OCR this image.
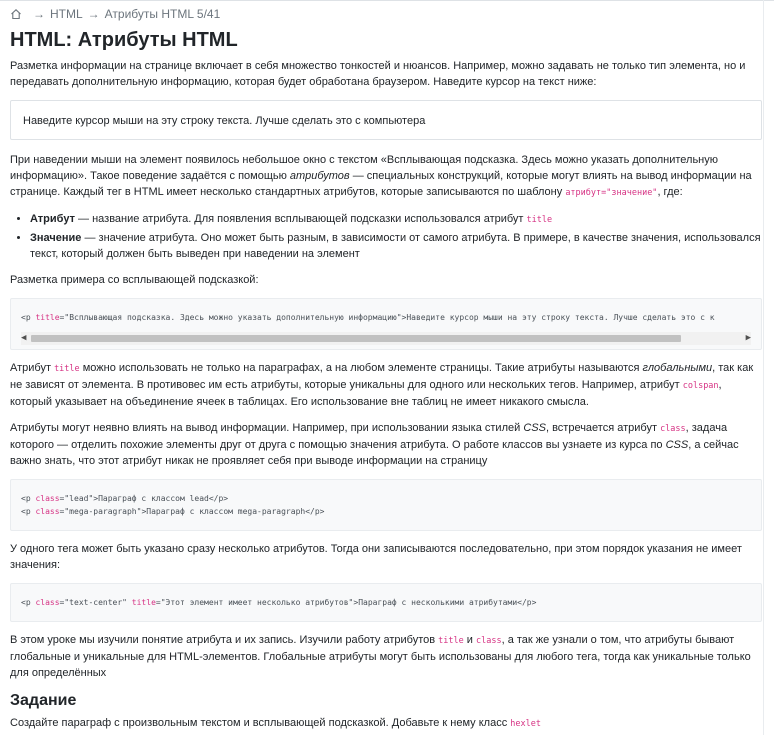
→ HTML → Атрибуты HTML 5/41
HTML: Атрибуты HTML

Разметка информации на странице включает в себя множество тонкостей и нюансов. Например, можно задавать не только тип элемента, но и передавать дополнительную информацию, которая будет обработана браузером. Наведите курсор на текст ниже:

Наведите курсор мыши на эту строку текста. Лучше сделать это с компьютера

При наведении мыши на элемент появилось небольшое окно с текстом «Всплывающая подсказка. Здесь можно указать дополнительную информацию». Такое поведение задаётся с помощью атрибутов — специальных конструкций, которые могут влиять на вывод информации на странице. Каждый тег в HTML имеет несколько стандартных атрибутов, которые записываются по шаблону атрибут="значение", где:

• Атрибут — название атрибута. Для появления всплывающей подсказки использовался атрибут title
• Значение — значение атрибута. Оно может быть разным, в зависимости от самого атрибута. В примере, в качестве значения, использовался текст, который должен быть выведен при наведении на элемент

Разметка примера со всплывающей подсказкой:

<p title="Всплывающая подсказка. Здесь можно указать дополнительную информацию">Наведите курсор мыши на эту строку текста. Лучше сделать это с к

◀	▶

Атрибут title можно использовать не только на параграфах, а на любом элементе страницы. Такие атрибуты называются глобальными, так как не зависят от элемента. В противовес им есть атрибуты, которые уникальны для одного или нескольких тегов. Например, атрибут colspan, который указывает на объединение ячеек в таблицах. Его использование вне таблиц не имеет никакого смысла.

Атрибуты могут неявно влиять на вывод информации. Например, при использовании языка стилей CSS, встречается атрибут class, задача которого — отделить похожие элементы друг от друга с помощью значения атрибута. О работе классов вы узнаете из курса по CSS, а сейчас важно знать, что этот атрибут никак не проявляет себя при выводе информации на страницу

<p class="lead">Параграф с классом lead</p>
<p class="mega-paragraph">Параграф с классом mega-paragraph</p>

У одного тега может быть указано сразу несколько атрибутов. Тогда они записываются последовательно, при этом порядок указания не имеет значения:

<p class="text-center" title="Этот элемент имеет несколько атрибутов">Параграф с несколькими атрибутами</p>

В этом уроке мы изучили понятие атрибута и их запись. Изучили работу атрибутов title и class, а так же узнали о том, что атрибуты бывают глобальные и уникальные для HTML-элементов. Глобальные атрибуты могут быть использованы для любого тега, тогда как уникальные только для определённых

Задание

Создайте параграф с произвольным текстом и всплывающей подсказкой. Добавьте к нему класс hexlet
